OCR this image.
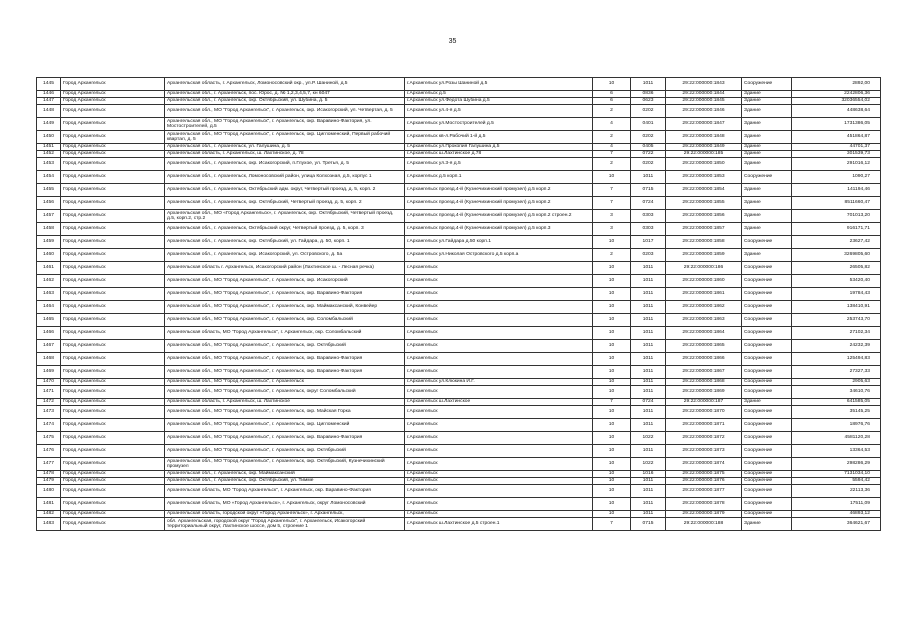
35
1445	Город Архангельск	Архангельская область, г. Архангельск, Ломоносовский окр., ул.Р. Шаниной, д.5	г.Архангельск ул.Розы Шаниной д.5	10	1011	29:22:000000:1843	Сооружение	2892,00
1446	Город Архангельск	Архангельская обл., г. Архангельск, пос. Юрос, д. № 1,2,3,4,5,7, кн 6047	г.Архангельск д.5	6	0836	29:22:000000:1844	Здание	2242806,36
1447	Город Архангельск	Архангельская обл., г. Архангельск, окр. Октябрьский, ул. Шубина, д. 5	г.Архангельск ул.Федота Шубина д.5	6	0623	29:22:000000:1845	Здание	32036554,02
1448	Город Архангельск	Архангельская обл., МО "Город Архангельск", г. Архангельск, окр. Исакогорский, ул. Четвертая, д. 5	г.Архангельск ул.4-я д.5	2	0202	29:22:000000:1846	Здание	448638,64
1449	Город Архангельск	Архангельская обл., МО "Город Архангельск", г. Архангельск, окр. Варавино-Фактория, ул. Мостостроителей, д.5	г.Архангельск ул.Мостостроителей д.5	4	0401	29:22:000000:1847	Здание	1731386,05
1450	Город Архангельск	Архангельская обл., МО "Город Архангельск", г. Архангельск, окр. Цигломенский, Первый рабочий квартал, д. 5	г.Архангельск кв-л.Рабочий 1-й д.5	2	0202	29:22:000000:1848	Здание	451864,87
1451	Город Архангельск	Архангельская обл., г. Архангельск, ул. Галушина, д. 5	г.Архангельск ул.Прокопия Галушина д.5	4	0405	29:22:000000:1849	Здание	44701,37
1452	Город Архангельск	Архангельская область, г. Архангельск, ш. Лахтинское, д. 78	г.Архангельск ш.Лахтинское д.78	7	0722	29:22:000000:185	Здание	301539,73
1453	Город Архангельск	Архангельская обл., г. Архангельск, окр. Исакогорский, п.Глухое, ул. Третья, д. 5	г.Архангельск ул.3-я д.5	2	0202	29:22:000000:1850	Здание	291016,12
1454	Город Архангельск	Архангельская обл., г. Архангельск, Ломоносовский район, улица Колхозная, д.5, корпус 1	г.Архангельск д.5 корп.1	10	1011	29:22:000000:1853	Сооружение	1090,27
1455	Город Архангельск	Архангельская обл., г. Архангельск, Октябрьский адм. округ, Четвертый проезд, д. 5, корп. 2	г.Архангельск проезд.4-й (Кузнечихинский промузел) д.5 корп.2	7	0715	29:22:000000:1854	Здание	141194,46
1456	Город Архангельск	Архангельская обл., г. Архангельск, окр. Октябрьский, Четвертый проезд, д. 5, корп. 2	г.Архангельск проезд.4-й (Кузнечихинский промузел) д.5 корп.2	7	0724	29:22:000000:1855	Здание	8511660,47
1457	Город Архангельск	Архангельская обл., МО «Город Архангельск», г. Архангельск, окр. Октябрьский, Четвертый проезд, д.5, корп.2, стр.2	г.Архангельск проезд.4-й (Кузнечихинский промузел) д.5 корп.2 строен.2	3	0303	29:22:000000:1856	Здание	701013,20
1458	Город Архангельск	Архангельская обл., г. Архангельск, Октябрьский округ, Четвертый проезд, д. 5, корп. 3	г.Архангельск проезд.4-й (Кузнечихинский промузел) д.5 корп.3	3	0303	29:22:000000:1857	Здание	916171,71
1459	Город Архангельск	Архангельская обл., г. Архангельск, окр. Октябрьский, ул. Гайдара, д. 50, корп. 1	г.Архангельск ул.Гайдара д.50 корп.1	10	1017	29:22:000000:1858	Сооружение	23627,42
1460	Город Архангельск	Архангельская обл., г. Архангельск, окр. Исакогорский, ул. Островского, д. 5а	г.Архангельск ул.Николая Островского д.5 корп.а	2	0203	29:22:000000:1859	Здание	3269805,60
1461	Город Архангельск	Архангельская область г. Архангельск, Исакогорский район (Лахтинское ш. - Лесная речка)	г.Архангельск	10	1011	29:22:000000:186	Сооружение	26505,82
1462	Город Архангельск	Архангельская обл., МО "Город Архангельск", г. Архангельск, окр. Исакогорский	г.Архангельск	10	1011	29:22:000000:1860	Сооружение	53420,40
1463	Город Архангельск	Архангельская обл., МО "Город Архангельск", г. Архангельск, окр. Варавино-Фактория	г.Архангельск	10	1011	29:22:000000:1861	Сооружение	19784,43
1464	Город Архангельск	Архангельская обл., МО "Город Архангельск", г. Архангельск, окр. Маймаксанский, Конвейер	г.Архангельск	10	1011	29:22:000000:1862	Сооружение	138410,91
1465	Город Архангельск	Архангельская обл., МО "Город Архангельск", г. Архангельск, окр. Соломбальский	г.Архангельск	10	1011	29:22:000000:1863	Сооружение	253743,70
1466	Город Архангельск	Архангельская область, МО "Город Архангельск", г. Архангельск, окр. Соломбальский	г.Архангельск	10	1011	29:22:000000:1864	Сооружение	27102,34
1467	Город Архангельск	Архангельская обл., МО "Город Архангельск", г. Архангельск, окр. Октябрьский	г.Архангельск	10	1011	29:22:000000:1865	Сооружение	24232,39
1468	Город Архангельск	Архангельская обл., МО "Город Архангельск", г. Архангельск, окр. Варавино-Фактория	г.Архангельск	10	1011	29:22:000000:1866	Сооружение	125494,83
1469	Город Архангельск	Архангельская обл., МО "Город Архангельск", г. Архангельск, окр. Варавино-Фактория	г.Архангельск	10	1011	29:22:000000:1867	Сооружение	27327,33
1470	Город Архангельск	Архангельская обл., МО "Город Архангельск", г. Архангельск	г.Архангельск ул.Клюкина И.Г.	10	1011	29:22:000000:1868	Сооружение	2905,63
1471	Город Архангельск	Архангельская обл., МО "Город Архангельск", г. Архангельск, округ Соломбальский	г.Архангельск	10	1011	29:22:000000:1869	Сооружение	34610,76
1472	Город Архангельск	Архангельская область, г. Архангельск, ш. Лахтинское	г.Архангельск ш.Лахтинское	7	0724	29:22:000000:187	Здание	641585,05
1473	Город Архангельск	Архангельская обл., МО "Город Архангельск", г. Архангельск, окр. Майская Горка	г.Архангельск	10	1011	29:22:000000:1870	Сооружение	35145,25
1474	Город Архангельск	Архангельская обл., МО "Город Архангельск", г. Архангельск, окр. Цигломенский	г.Архангельск	10	1011	29:22:000000:1871	Сооружение	18976,76
1475	Город Архангельск	Архангельская обл., МО "Город Архангельск", г. Архангельск, окр. Варавино-Фактория	г.Архангельск	10	1022	29:22:000000:1872	Сооружение	4581120,28
1476	Город Архангельск	Архангельская обл., МО "Город Архангельск", г. Архангельск, окр. Октябрьский	г.Архангельск	10	1011	29:22:000000:1873	Сооружение	13364,53
1477	Город Архангельск	Архангельская обл., МО "Город Архангельск", г. Архангельск, окр. Октябрьский, Кузнечихинский промузел	г.Архангельск	10	1022	29:22:000000:1874	Сооружение	298286,29
1478	Город Архангельск	Архангельская обл., г. Архангельск, окр. Маймаксанский	г.Архангельск	10	1016	29:22:000000:1875	Сооружение	7131034,10
1479	Город Архангельск	Архангельская обл., г. Архангельск, окр. Октябрьский, ул. Тимме	г.Архангельск	10	1011	29:22:000000:1876	Сооружение	5594,42
1480	Город Архангельск	Архангельская область, МО "Город Архангельск", г. Архангельск, окр. Варавино-Фактория	г.Архангельск	10	1011	29:22:000000:1877	Сооружение	22113,36
1481	Город Архангельск	Архангельская область, МО «Город Архангельск», г. Архангельск, округ Ломоносовский	г.Архангельск	10	1011	29:22:000000:1878	Сооружение	17511,09
1482	Город Архангельск	Архангельская область, городской округ «Город Архангельск», г. Архангельск,	г.Архангельск	10	1011	29:22:000000:1879	Сооружение	46893,12
1483	Город Архангельск	обл. Архангельская, городской округ "Город Архангельск", г. Архангельск, Исакогорский территориальный округ, Лахтинское шоссе, дом 5, строение 1	г.Архангельск ш.Лахтинское д.5 строен.1	7	0715	29:22:000000:188	Здание	364621,67
